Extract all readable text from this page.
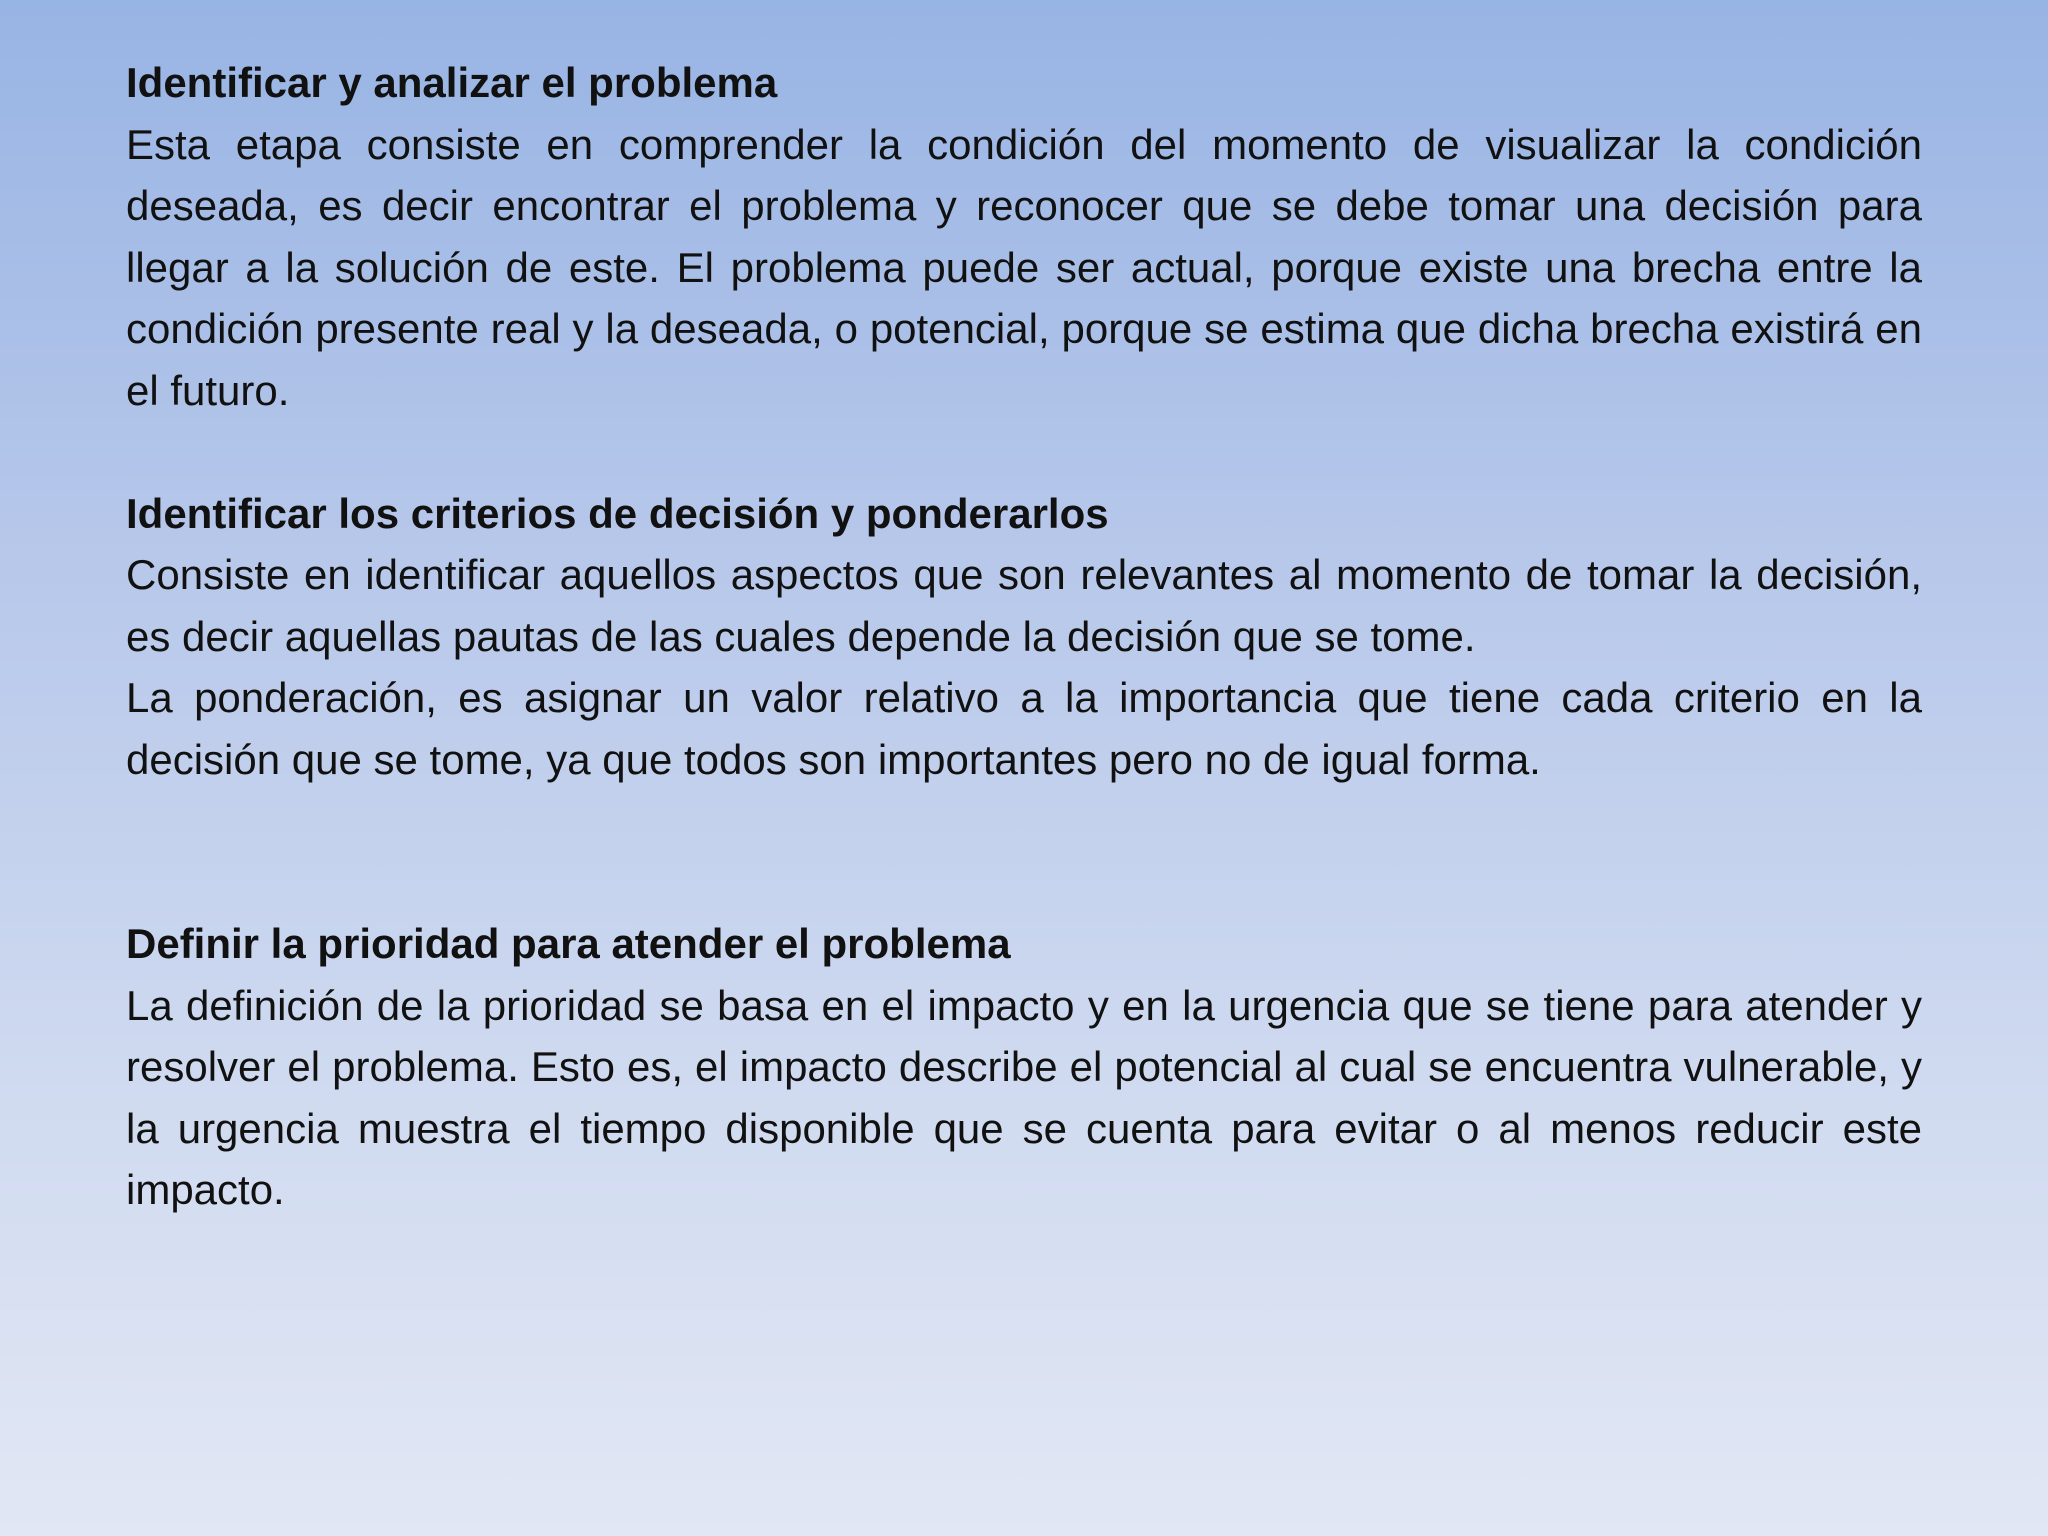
Identificar y analizar el problema

Esta etapa consiste en comprender la condición del momento de visualizar la condición deseada, es decir encontrar el problema y reconocer que se debe tomar una decisión para llegar a la solución de este. El problema puede ser actual, porque existe una brecha entre la condición presente real y la deseada, o potencial, porque se estima que dicha brecha existirá en el futuro.

Identificar los criterios de decisión y ponderarlos

Consiste en identificar aquellos aspectos que son relevantes al momento de tomar la decisión, es decir aquellas pautas de las cuales depende la decisión que se tome.

La ponderación, es asignar un valor relativo a la importancia que tiene cada criterio en la decisión que se tome, ya que todos son importantes pero no de igual forma.

Definir la prioridad para atender el problema

La definición de la prioridad se basa en el impacto y en la urgencia que se tiene para atender y resolver el problema. Esto es, el impacto describe el potencial al cual se encuentra vulnerable, y la urgencia muestra el tiempo disponible que se cuenta para evitar o al menos reducir este impacto.
